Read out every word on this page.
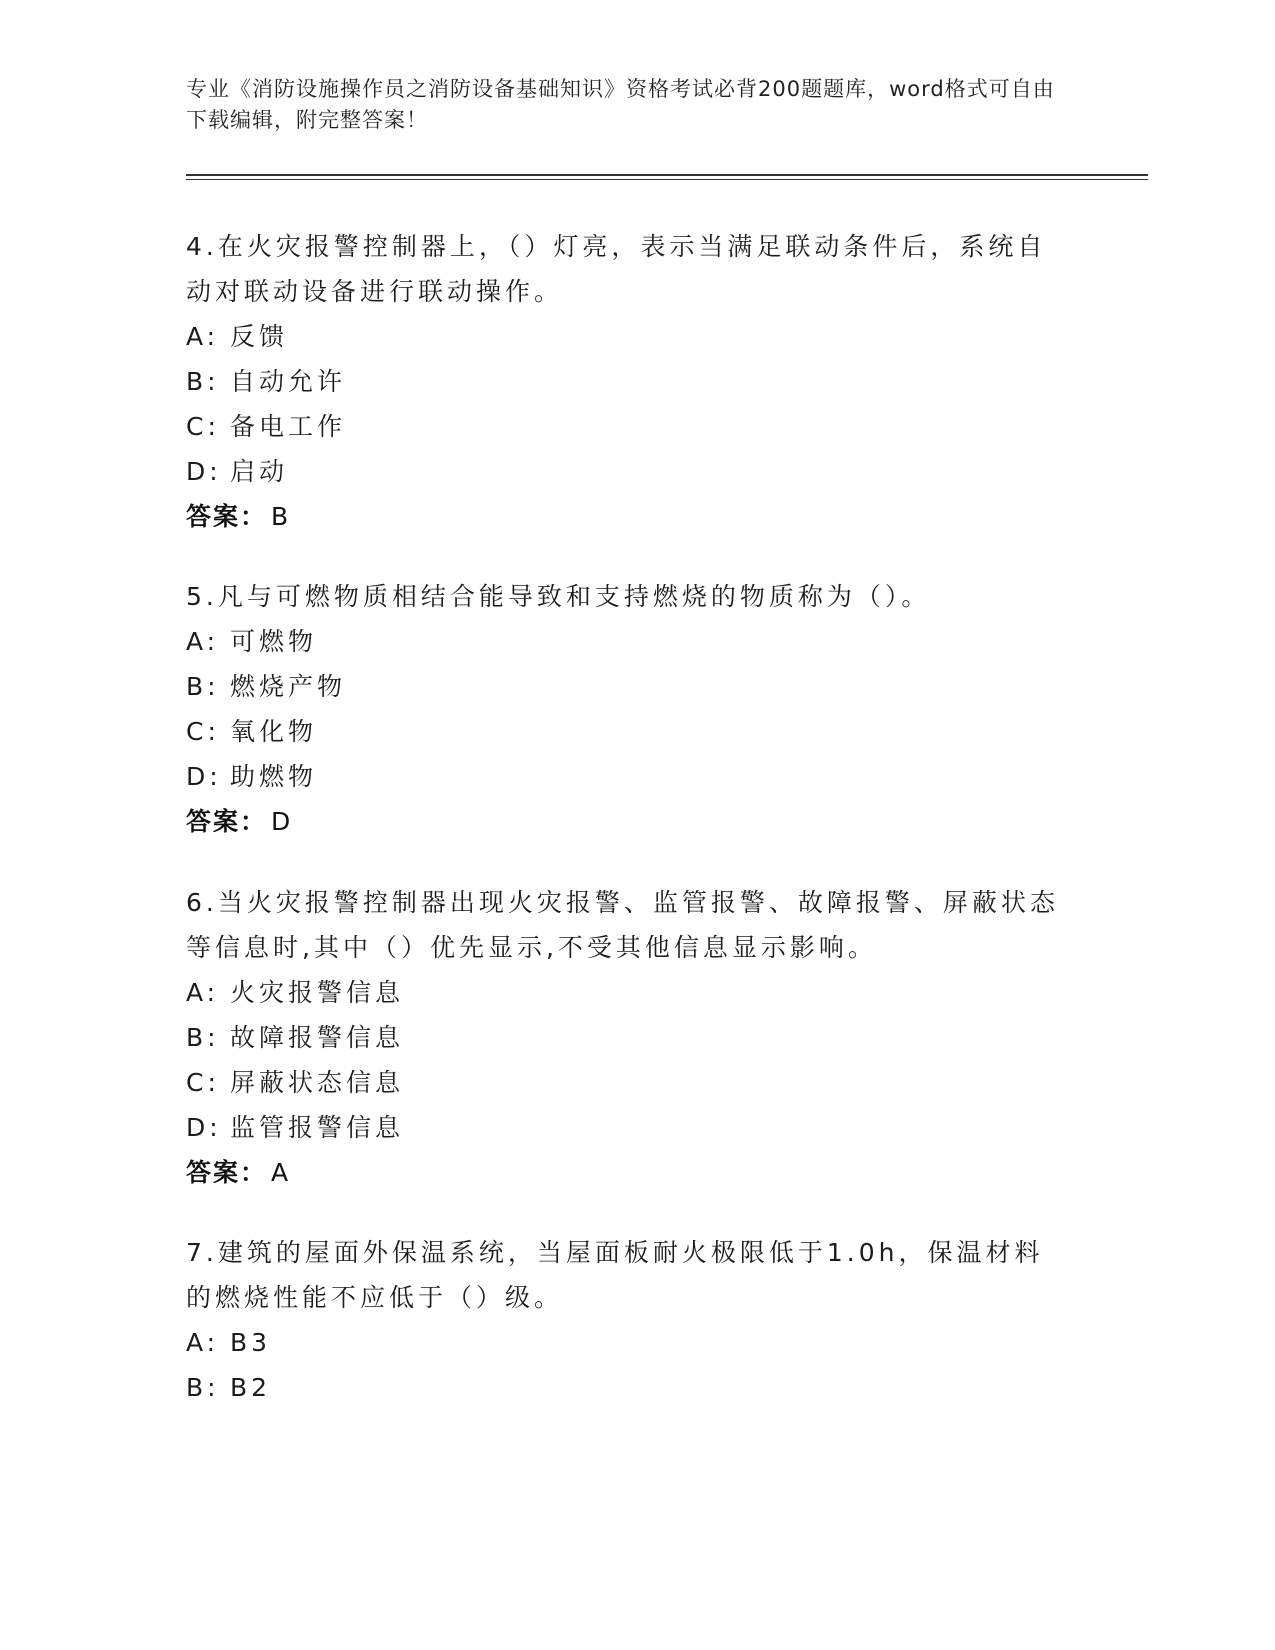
专业《消防设施操作员之消防设备基础知识》资格考试必背200题题库，word格式可自由下载编辑，附完整答案！

4.在火灾报警控制器上，（）灯亮，表示当满足联动条件后，系统自动对联动设备进行联动操作。

A: 反馈
B: 自动允许
C: 备电工作
D: 启动
答案： B

5.凡与可燃物质相结合能导致和支持燃烧的物质称为（）。

A: 可燃物
B: 燃烧产物
C: 氧化物
D: 助燃物
答案： D

6.当火灾报警控制器出现火灾报警、监管报警、故障报警、屏蔽状态等信息时,其中（）优先显示,不受其他信息显示影响。

A: 火灾报警信息
B: 故障报警信息
C: 屏蔽状态信息
D: 监管报警信息
答案： A

7.建筑的屋面外保温系统，当屋面板耐火极限低于1.0h，保温材料的燃烧性能不应低于（）级。

A: B3
B: B2
